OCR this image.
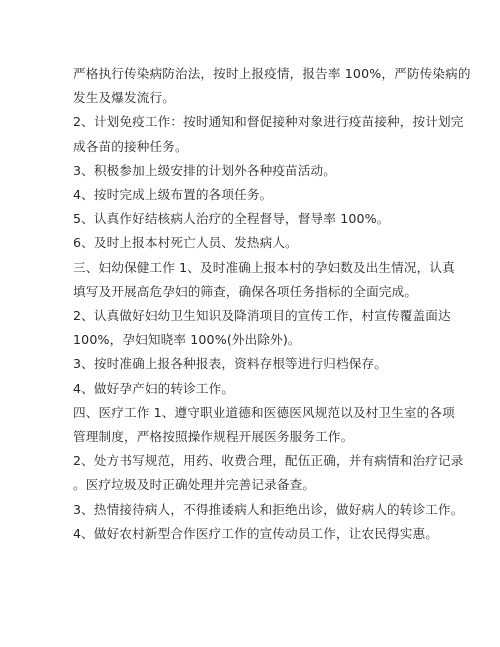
严格执行传染病防治法，按时上报疫情，报告率 100%，严防传染病的

发生及爆发流行。

2、计划免疫工作：按时通知和督促接种对象进行疫苗接种，按计划完

成各苗的接种任务。

3、积极参加上级安排的计划外各种疫苗活动。

4、按时完成上级布置的各项任务。

5、认真作好结核病人治疗的全程督导，督导率 100%。

6、及时上报本村死亡人员、发热病人。

三、妇幼保健工作 1、及时准确上报本村的孕妇数及出生情况，认真

填写及开展高危孕妇的筛查，确保各项任务指标的全面完成。

2、认真做好妇幼卫生知识及降消项目的宣传工作，村宣传覆盖面达

100%，孕妇知晓率 100%(外出除外)。

3、按时准确上报各种报表，资料存根等进行归档保存。

4、做好孕产妇的转诊工作。

四、医疗工作 1、遵守职业道德和医德医风规范以及村卫生室的各项

管理制度，严格按照操作规程开展医务服务工作。

2、处方书写规范，用药、收费合理，配伍正确，并有病情和治疗记录

。医疗垃圾及时正确处理并完善记录备查。

3、热情接待病人，不得推诿病人和拒绝出诊，做好病人的转诊工作。

4、做好农村新型合作医疗工作的宣传动员工作，让农民得实惠。
